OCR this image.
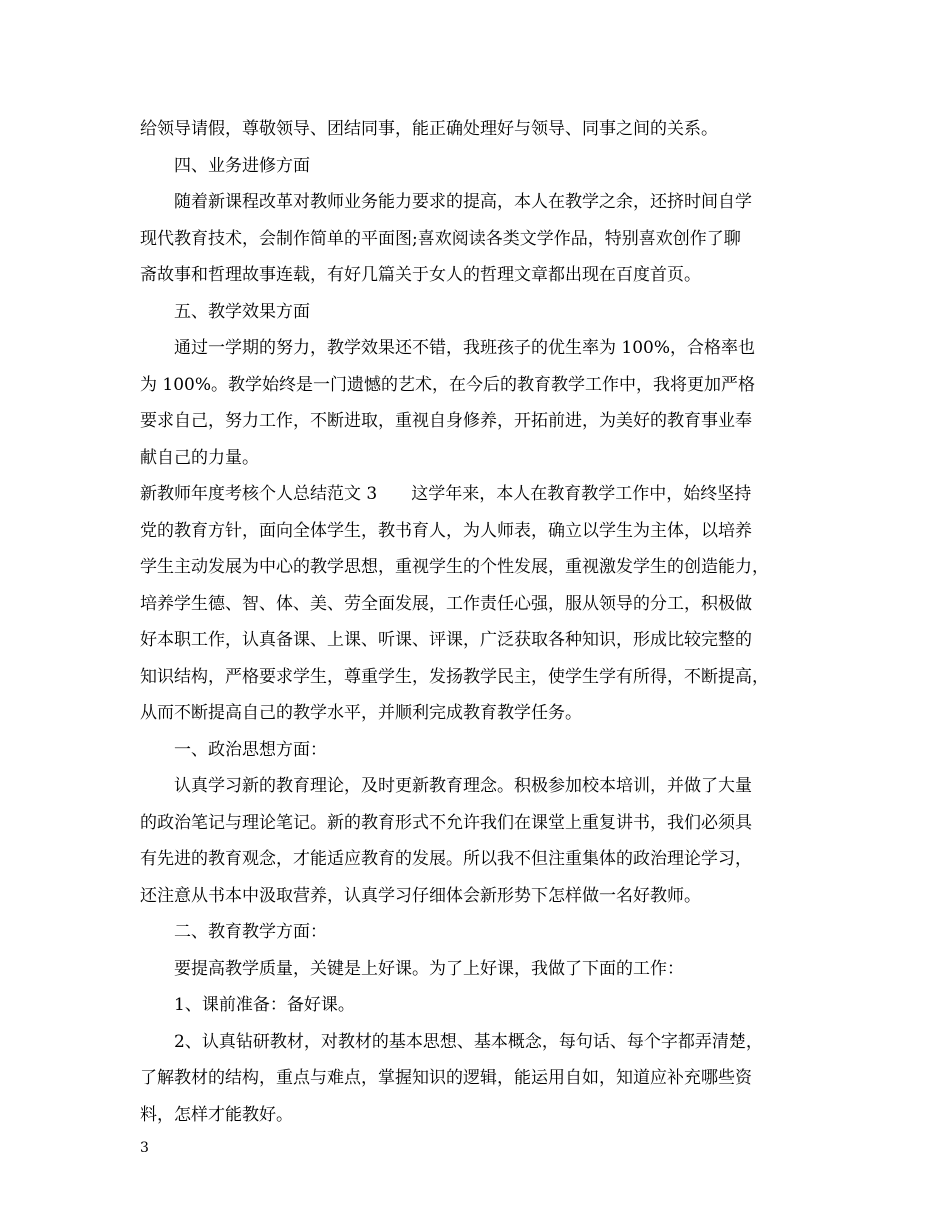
给领导请假，尊敬领导、团结同事，能正确处理好与领导、同事之间的关系。
四、业务进修方面
随着新课程改革对教师业务能力要求的提高，本人在教学之余，还挤时间自学
现代教育技术，会制作简单的平面图;喜欢阅读各类文学作品，特别喜欢创作了聊
斋故事和哲理故事连载，有好几篇关于女人的哲理文章都出现在百度首页。
五、教学效果方面
通过一学期的努力，教学效果还不错，我班孩子的优生率为 100%，合格率也
为 100%。教学始终是一门遗憾的艺术，在今后的教育教学工作中，我将更加严格
要求自己，努力工作，不断进取，重视自身修养，开拓前进，为美好的教育事业奉
献自己的力量。
新教师年度考核个人总结范文 3 这学年来，本人在教育教学工作中，始终坚持
党的教育方针，面向全体学生，教书育人，为人师表，确立以学生为主体，以培养
学生主动发展为中心的教学思想，重视学生的个性发展，重视激发学生的创造能力，
培养学生德、智、体、美、劳全面发展，工作责任心强，服从领导的分工，积极做
好本职工作，认真备课、上课、听课、评课，广泛获取各种知识，形成比较完整的
知识结构，严格要求学生，尊重学生，发扬教学民主，使学生学有所得，不断提高，
从而不断提高自己的教学水平，并顺利完成教育教学任务。
一、政治思想方面：
认真学习新的教育理论，及时更新教育理念。积极参加校本培训，并做了大量
的政治笔记与理论笔记。新的教育形式不允许我们在课堂上重复讲书，我们必须具
有先进的教育观念，才能适应教育的发展。所以我不但注重集体的政治理论学习，
还注意从书本中汲取营养，认真学习仔细体会新形势下怎样做一名好教师。
二、教育教学方面：
要提高教学质量，关键是上好课。为了上好课，我做了下面的工作：
1、课前准备：备好课。
2、认真钻研教材，对教材的基本思想、基本概念，每句话、每个字都弄清楚，
了解教材的结构，重点与难点，掌握知识的逻辑，能运用自如，知道应补充哪些资
料，怎样才能教好。
3
